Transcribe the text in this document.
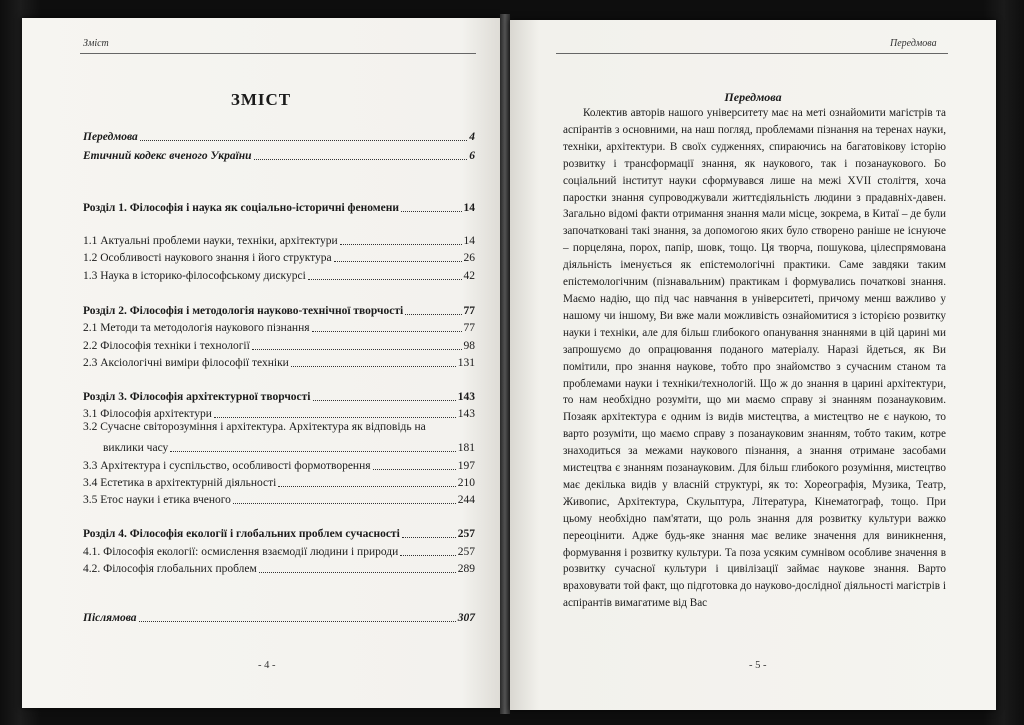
Зміст
ЗМІСТ
Передмова	4
Етичний кодекс вченого України	6
Розділ 1. Філософія і наука як соціально-історичні феномени	14
1.1 Актуальні проблеми науки, техніки, архітектури	14
1.2 Особливості наукового знання і його структура	26
1.3 Наука в історико-філософському дискурсі	42
Розділ 2. Філософія і методологія науково-технічної творчості	77
2.1 Методи та методологія наукового пізнання	77
2.2 Філософія техніки і технології	98
2.3 Аксіологічні виміри філософії техніки	131
Розділ 3. Філософія архітектурної творчості	143
3.1 Філософія архітектури	143
3.2 Сучасне світорозуміння і архітектура. Архітектура як відповідь на
виклики часу	181
3.3 Архітектура і суспільство, особливості формотворення	197
3.4 Естетика в архітектурній діяльності	210
3.5 Етос науки і етика вченого	244
Розділ 4. Філософія екології і глобальних проблем сучасності	257
4.1. Філософія екології: осмислення взаємодії людини і природи	257
4.2. Філософія глобальних проблем	289
Післямова	307
- 4 -
Передмова
Передмова
Колектив авторів нашого університету має на меті ознайомити магістрів та аспірантів з основними, на наш погляд, проблемами пізнання на теренах науки, техніки, архітектури. В своїх судженнях, спираючись на багатовікову історію розвитку і трансформації знання, як наукового, так і позанаукового. Бо соціальний інститут науки сформувався лише на межі XVII століття, хоча паростки знання супроводжували життєдіяльність людини з прадавніх-давен. Загально відомі факти отримання знання мали місце, зокрема, в Китаї – де були започатковані такі знання, за допомогою яких було створено раніше не існуюче – порцеляна, порох, папір, шовк, тощо. Ця творча, пошукова, цілеспрямована діяльність іменується як епістемологічні практики. Саме завдяки таким епістемологічним (пізнавальним) практикам і формувались початкові знання. Маємо надію, що під час навчання в університеті, причому менш важливо у нашому чи іншому, Ви вже мали можливість ознайомитися з історією розвитку науки і техніки, але для більш глибокого опанування знаннями в цій царині ми запрошуємо до опрацювання поданого матеріалу. Наразі йдеться, як Ви помітили, про знання наукове, тобто про знайомство з сучасним станом та проблемами науки і техніки/технологій. Що ж до знання в царині архітектури, то нам необхідно розуміти, що ми маємо справу зі знанням позанауковим. Позаяк архітектура є одним із видів мистецтва, а мистецтво не є наукою, то варто розуміти, що маємо справу з позанауковим знанням, тобто таким, котре знаходиться за межами наукового пізнання, а знання отримане засобами мистецтва є знанням позанауковим. Для більш глибокого розуміння, мистецтво має декілька видів у власній структурі, як то: Хореографія, Музика, Театр, Живопис, Архітектура, Скульптура, Література, Кінематограф, тощо. При цьому необхідно пам'ятати, що роль знання для розвитку культури важко переоцінити. Адже будь-яке знання має велике значення для виникнення, формування і розвитку культури. Та поза усяким сумнівом особливе значення в розвитку сучасної культури і цивілізації займає наукове знання. Варто враховувати той факт, що підготовка до науково-дослідної діяльності магістрів і аспірантів вимагатиме від Вас
- 5 -
